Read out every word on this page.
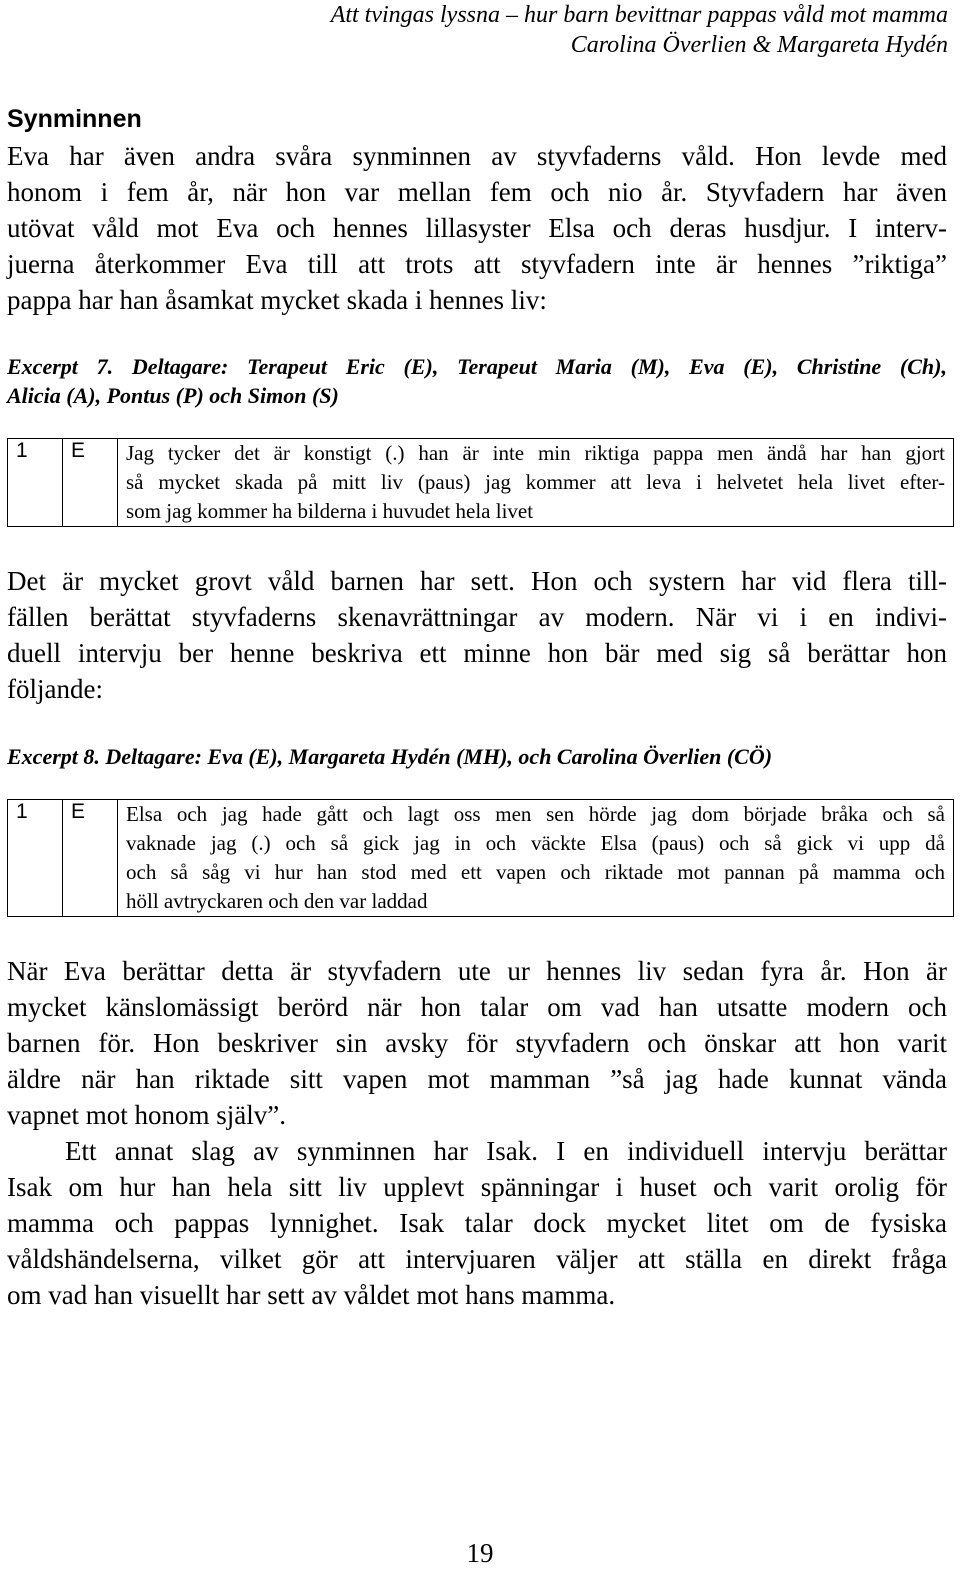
Att tvingas lyssna – hur barn bevittnar pappas våld mot mamma
Carolina Överlien & Margareta Hydén
Synminnen
Eva har även andra svåra synminnen av styvfaderns våld. Hon levde med
honom i fem år, när hon var mellan fem och nio år. Styvfadern har även
utövat våld mot Eva och hennes lillasyster Elsa och deras husdjur. I interv-
juerna återkommer Eva till att trots att styvfadern inte är hennes ”riktiga”
pappa har han åsamkat mycket skada i hennes liv:
Excerpt 7. Deltagare: Terapeut Eric (E), Terapeut Maria (M), Eva (E), Christine (Ch),
Alicia (A), Pontus (P) och Simon (S)
1	E	Jag tycker det är konstigt (.) han är inte min riktiga pappa men ändå har han gjort
så mycket skada på mitt liv (paus) jag kommer att leva i helvetet hela livet efter-
som jag kommer ha bilderna i huvudet hela livet
Det är mycket grovt våld barnen har sett. Hon och systern har vid flera till-
fällen berättat styvfaderns skenavrättningar av modern. När vi i en indivi-
duell intervju ber henne beskriva ett minne hon bär med sig så berättar hon
följande:
Excerpt 8. Deltagare: Eva (E), Margareta Hydén (MH), och Carolina Överlien (CÖ)
1	E	Elsa och jag hade gått och lagt oss men sen hörde jag dom började bråka och så
vaknade jag (.) och så gick jag in och väckte Elsa (paus) och så gick vi upp då
och så såg vi hur han stod med ett vapen och riktade mot pannan på mamma och
höll avtryckaren och den var laddad
När Eva berättar detta är styvfadern ute ur hennes liv sedan fyra år. Hon är
mycket känslomässigt berörd när hon talar om vad han utsatte modern och
barnen för. Hon beskriver sin avsky för styvfadern och önskar att hon varit
äldre när han riktade sitt vapen mot mamman ”så jag hade kunnat vända
vapnet mot honom själv”.
Ett annat slag av synminnen har Isak. I en individuell intervju berättar
Isak om hur han hela sitt liv upplevt spänningar i huset och varit orolig för
mamma och pappas lynnighet. Isak talar dock mycket litet om de fysiska
våldshändelserna, vilket gör att intervjuaren väljer att ställa en direkt fråga
om vad han visuellt har sett av våldet mot hans mamma.
19
